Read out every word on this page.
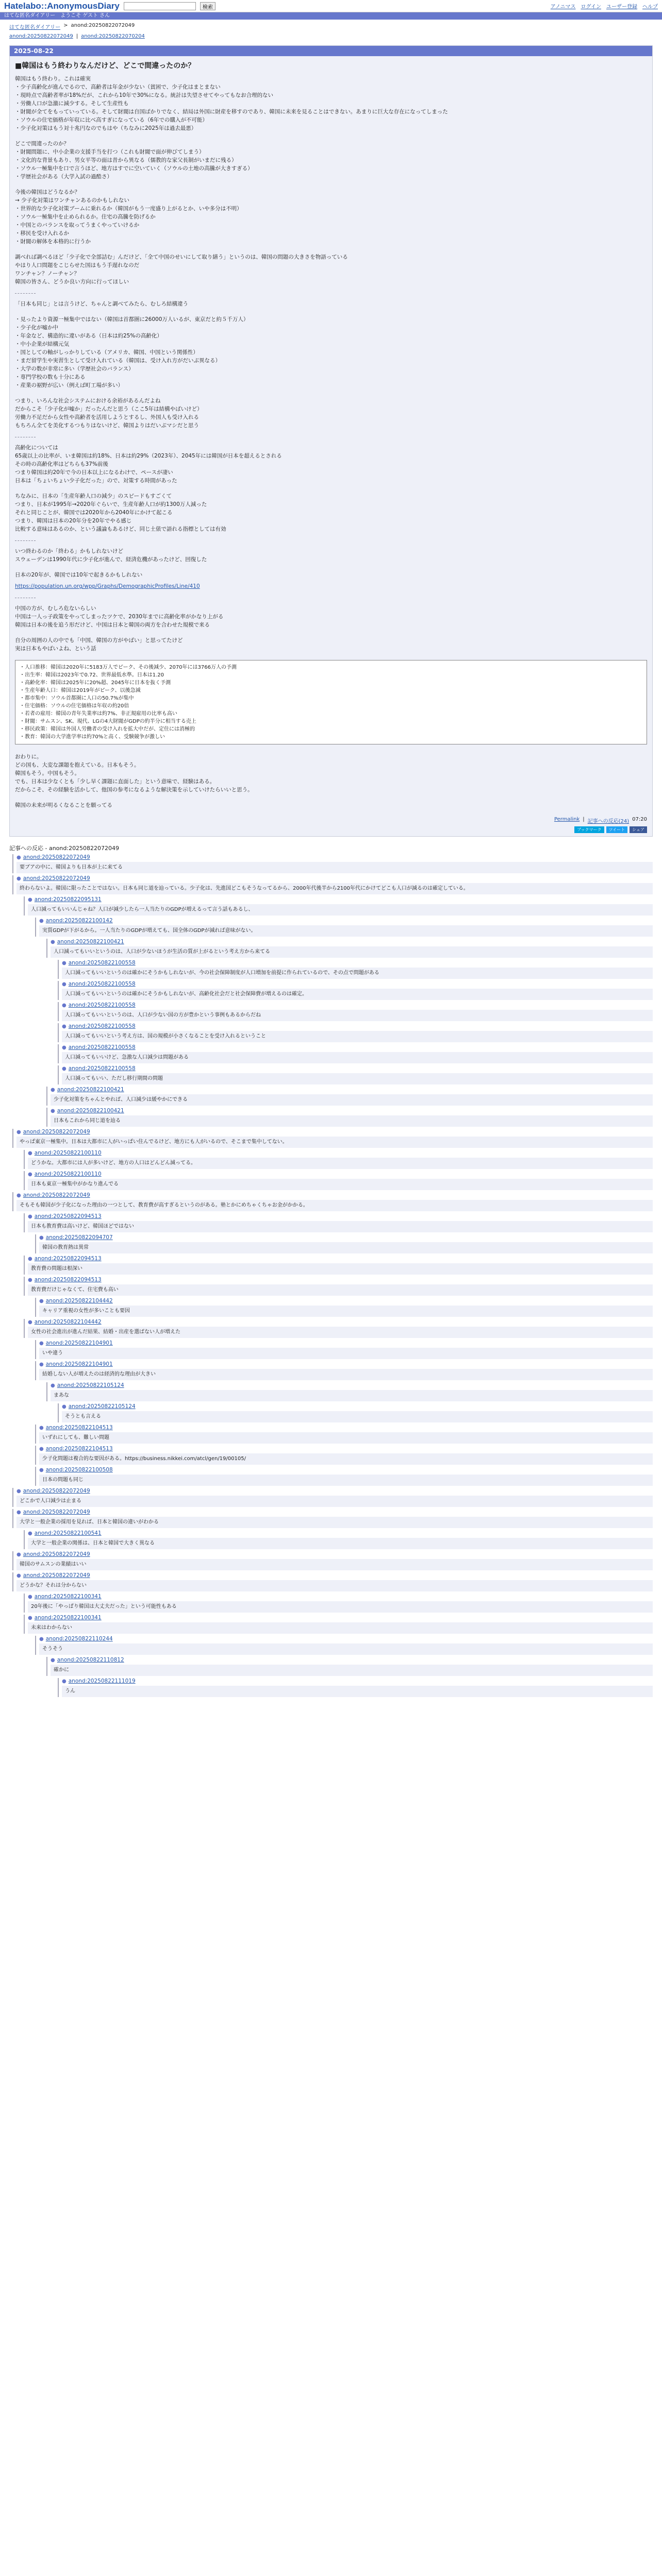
Hatelabo::AnonymousDiary	検索	アノニマス ログイン ユーザー登録 ヘルプ
はてな匿名ダイアリー ようこそ ゲスト さん
はてな匿名ダイアリー > anond:20250822072049
anond:20250822072049 | anond:20250822070204
2025-08-22
■韓国はもう終わりなんだけど、どこで間違ったのか？
韓国はもう終わり。これは確実
・少子高齢化が進んでるので、高齢者は年金が少ない（貧困で、少子化はまとまない
・現時点で高齢者率が18%だが、これから10年で30%になる。統計は失望させてやってもなお合理的ない
・労働人口が急激に減少する。そして生産性も
・財閥が全てをもっていっている。そして財閥は自国ばかりでなく、結局は外国に財産を移すのであり、韓国に未来を見ることはできない。あまりに巨大な存在になってしまった
・ソウルの住宅価格が年収に比べ高すぎになっている（6年での購入が不可能）
・少子化対策はもう対十兆円なのでもはや（ちなみに2025年は過去最悪）
どこで間違ったのか？
・財閥問題に、中小企業の支援手当を打つ（これも財閥で面が伸びてしまう）
・文化的な背景もあり、男女平等の面は昔から異なる（儒教的な家父長制がいまだに残る）
・ソウル一極集中を口で言うほど、地方はすでに空いていく（ソウルの土地の高騰が大きすぎる）
・学歴社会がある（大学入試の過酷さ）
今後の韓国はどうなるか？
→ 少子化対策はワンチャンあるのかもしれない
・世界的な少子化対策ブームに乗れるか（韓国がもう一度盛り上がるとか、いや多分は不明）
・ソウル一極集中を止められるか。住宅の高騰を防げるか
・中国とのバランスを取ってうまくやっていけるか
・移民を受け入れるか
・財閥の解体を本格的に行うか
調べれば調べるほど「少子化で全部詰む」んだけど、「全て中国のせいにして取り繕う」というのは、韓国の問題の大きさを物語っている
やはり人口問題をこじらせた国はもう手遅れなのだ
ワンチャン？ノーチャン？
韓国の皆さん、どうか良い方向に行ってほしい
「日本も同じ」とは言うけど、ちゃんと調べてみたら、むしろ結構違う
・見ったより資源一極集中ではない（韓国は首都圏に26000万人いるが、東京だと約５千万人）
・少子化が嘘か中
・年金など、構造的に違いがある（日本は約25%の高齢化）
・中小企業が結構元気
・国としての軸がしっかりしている（アメリカ、韓国、中国という関係性）
・まだ留学生や実習生として受け入れている（韓国は、受け入れ方がだいぶ異なる）
・大学の数が非常に多い（学歴社会のバランス）
・専門学校の数も十分にある
・産業の裾野が広い（例えば町工場が多い）
つまり、いろんな社会システムにおける余裕があるんだよね
だからこそ「少子化が嘘か」だったんだと思う（ここ5年は結構やばいけど）
労働力不足だから女性や高齢者を活用しようとするし、外国人も受け入れる
もちろん全てを美化するつもりはないけど、韓国よりはだいぶマシだと思う
高齢化については
65歳以上の比率が、いま韓国は約18%、日本は約29%（2023年）、2045年には韓国が日本を超えるとされる
その時の高齢化率はどちらも37%前後
つまり韓国は約20年で今の日本以上になるわけで、ペースが凄い
日本は「ちょいちょい少子化だった」ので、対策する時間があった
ちなみに、日本の「生産年齢人口の減少」のスピードもすごくて
つまり、日本が1995年→2020年ぐらいで、生産年齢人口が約1300万人減った
それと同じことが、韓国では2020年から2040年にかけて起こる
つまり、韓国は日本の20年分を20年でやる感じ
比較する意味はあるのか、という議論もあるけど、同じ土俵で語れる指標としては有効
いつ終わるのか「終わる」かもしれないけど
スウェーデンは1990年代に少子化が進んで、経済危機があったけど、回復した
日本の20年が、韓国では10年で起きるかもしれない
https://population.un.org/wpp/Graphs/DemographicProfiles/Line/410
中国の方が、むしろ危ないらしい
中国は一人っ子政策をやってしまったツケで、2030年までに高齢化率がかなり上がる
韓国は日本の後を追う形だけど、中国は日本と韓国の両方を合わせた規模で来る
自分の周囲の人の中でも「中国、韓国の方がやばい」と思ってたけど
実は日本もやばいよね、という話
・人口推移：韓国は2020年に5183万人でピーク、その後減少、2070年には3766万人の予測
・出生率：韓国は2023年で0.72、世界最低水準。日本は1.20
・高齢化率：韓国は2025年に20%超、2045年に日本を抜く予測
・生産年齢人口：韓国は2019年がピーク、以後急減
・都市集中：ソウル首都圏に人口の50.7%が集中
・住宅価格：ソウルの住宅価格は年収の約20倍
・若者の雇用：韓国の青年失業率は約7%、非正規雇用の比率も高い
・財閥：サムスン、SK、現代、LGの4大財閥がGDPの約半分に相当する売上
・移民政策：韓国は外国人労働者の受け入れを拡大中だが、定住には消極的
・教育：韓国の大学進学率は約70%と高く、受験競争が激しい
おわりに。
どの国も、大変な課題を抱えている。日本もそう。
韓国もそう。中国もそう。
でも、日本は少なくとも「少し早く課題に直面した」という意味で、経験はある。
だからこそ、その経験を活かして、他国の参考になるような解決策を示していけたらいいと思う。
韓国の未来が明るくなることを願ってる
Permalink | 記事への反応(24) 07:20
ブックマーク	ツイート	シェア
記事への反応 - anond:20250822072049
● anond:20250822072049
要ブアの中に、韓国よりも日本が上に来てる
● anond:20250822072049
終わらないよ。韓国に限ったことではない。日本も同じ道を辿っている。少子化は、先進国どこもそうなってるから、2000年代後半から2100年代にかけてどこも人口が減るのは確定している。
● anond:20250822095131
人口減ってもいいんじゃね？人口が減少したら一人当たりのGDPが増えるって言う話もあるし、
● anond:20250822100142
実質GDPが下がるから。一人当たりのGDPが増えても、国全体のGDPが減れば意味がない。
● anond:20250822100421
人口減ってもいいというのは、人口が少ないほうが生活の質が上がるという考え方から来てる
● anond:20250822100558
人口減ってもいいというのは確かにそうかもしれないが、今の社会保障制度が人口増加を前提に作られているので、その点で問題がある
● anond:20250822100558
人口減ってもいいというのは確かにそうかもしれないが、高齢化社会だと社会保障費が増えるのは確定。
● anond:20250822100558
人口減ってもいいというのは、人口が少ない国の方が豊かという事例もあるからだね
● anond:20250822100558
人口減ってもいいという考え方は、国の規模が小さくなることを受け入れるということ
● anond:20250822100558
人口減ってもいいけど、急激な人口減少は問題がある
● anond:20250822100558
人口減ってもいい、ただし移行期間の問題
● anond:20250822100421
少子化対策をちゃんとやれば、人口減少は緩やかにできる
● anond:20250822100421
日本もこれから同じ道を辿る
● anond:20250822072049
やっぱ東京一極集中。日本は大都市に人がいっぱい住んでるけど、地方にも人がいるので、そこまで集中してない。
● anond:20250822100110
どうかな。大都市には人が多いけど、地方の人口はどんどん減ってる。
● anond:20250822100110
日本も東京一極集中がかなり進んでる
● anond:20250822072049
そもそも韓国が少子化になった理由の一つとして、教育費が高すぎるというのがある。塾とかにめちゃくちゃお金がかかる。
● anond:20250822094513
日本も教育費は高いけど、韓国ほどではない
● anond:20250822094707
韓国の教育熱は異常
● anond:20250822094513
教育費の問題は根深い
● anond:20250822094513
教育費だけじゃなくて、住宅費も高い
● anond:20250822104442
キャリア重視の女性が多いことも要因
● anond:20250822104442
女性の社会進出が進んだ結果、結婚・出産を選ばない人が増えた
● anond:20250822104901
いや違う
● anond:20250822104901
結婚しない人が増えたのは経済的な理由が大きい
● anond:20250822105124
まあな
● anond:20250822105124
そうとも言える
● anond:20250822104513
いずれにしても、難しい問題
● anond:20250822104513
少子化問題は複合的な要因がある。https://business.nikkei.com/atcl/gen/19/00105/
● anond:20250822100508
日本の問題も同じ
● anond:20250822072049
どこかで人口減少は止まる
● anond:20250822072049
大学と一般企業の採用を見れば、日本と韓国の違いがわかる
● anond:20250822100541
大学と一般企業の関係は、日本と韓国で大きく異なる
● anond:20250822072049
韓国のサムスンの業績はいい
● anond:20250822072049
どうかな？それは分からない
● anond:20250822100341
20年後に「やっぱり韓国は大丈夫だった」という可能性もある
● anond:20250822100341
未来はわからない
● anond:20250822110244
そうそう
● anond:20250822110812
確かに
● anond:20250822111019
うん
